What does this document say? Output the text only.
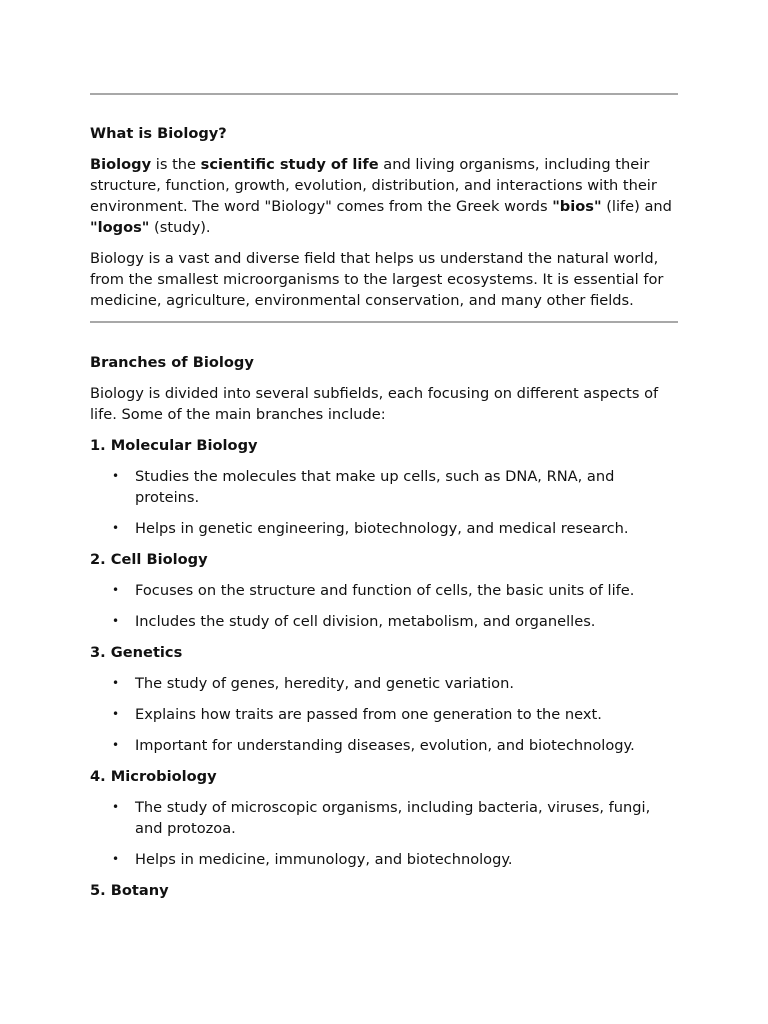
What is Biology?

Biology is the scientific study of life and living organisms, including their structure, function, growth, evolution, distribution, and interactions with their environment. The word "Biology" comes from the Greek words "bios" (life) and "logos" (study).

Biology is a vast and diverse field that helps us understand the natural world, from the smallest microorganisms to the largest ecosystems. It is essential for medicine, agriculture, environmental conservation, and many other fields.

Branches of Biology

Biology is divided into several subfields, each focusing on different aspects of life. Some of the main branches include:

1. Molecular Biology
• Studies the molecules that make up cells, such as DNA, RNA, and proteins.
• Helps in genetic engineering, biotechnology, and medical research.
2. Cell Biology
• Focuses on the structure and function of cells, the basic units of life.
• Includes the study of cell division, metabolism, and organelles.
3. Genetics
• The study of genes, heredity, and genetic variation.
• Explains how traits are passed from one generation to the next.
• Important for understanding diseases, evolution, and biotechnology.
4. Microbiology
• The study of microscopic organisms, including bacteria, viruses, fungi, and protozoa.
• Helps in medicine, immunology, and biotechnology.
5. Botany
